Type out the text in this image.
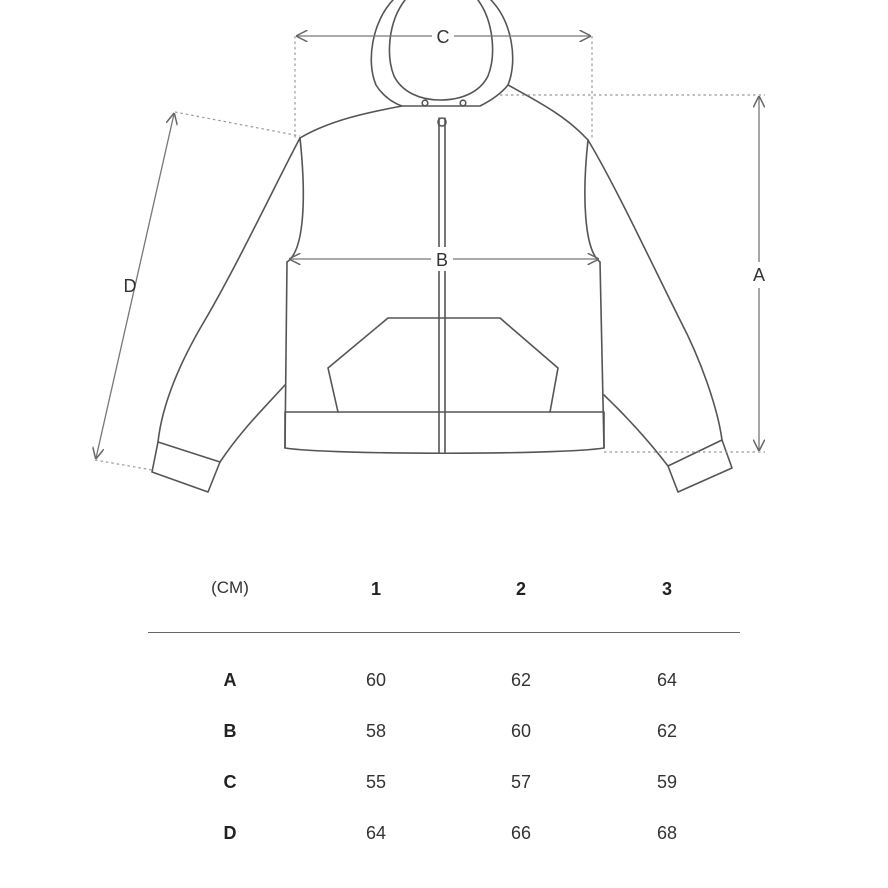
C
B
A
D
(CM)	1	2	3
A	60	62	64
B	58	60	62
C	55	57	59
D	64	66	68
